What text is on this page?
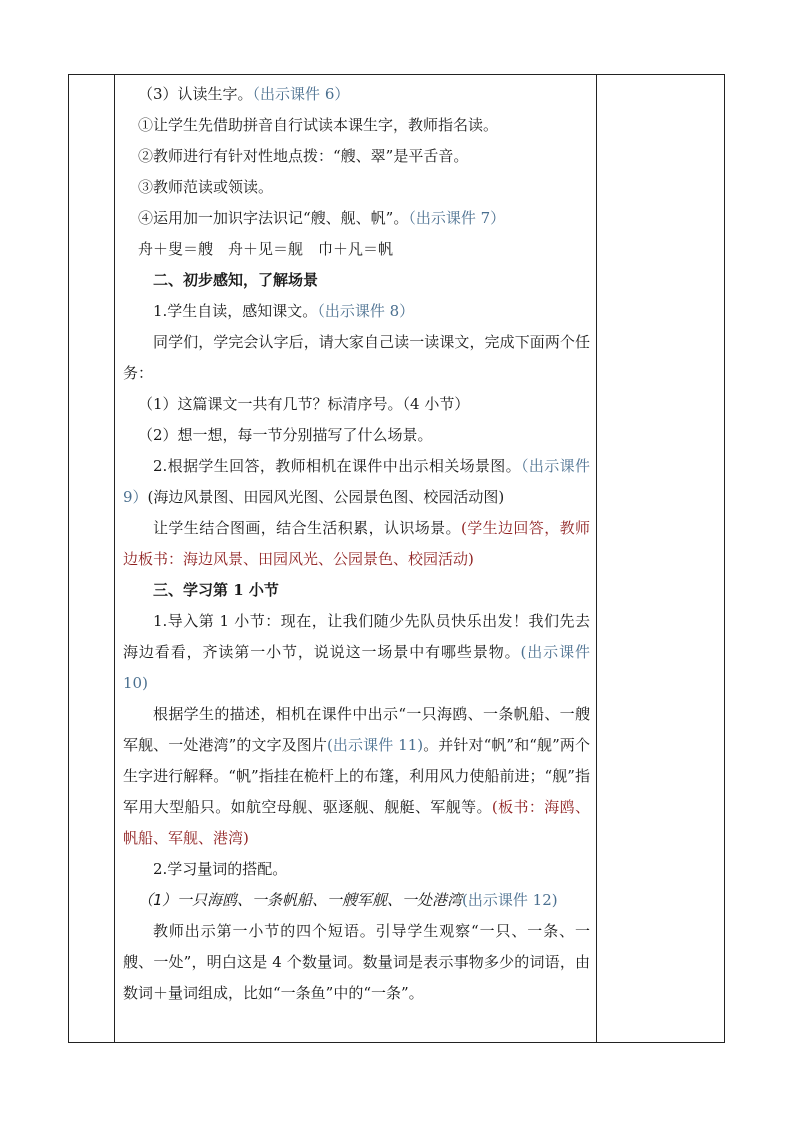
（3）认读生字。（出示课件 6）

①让学生先借助拼音自行试读本课生字，教师指名读。

②教师进行有针对性地点拨：“艘、翠”是平舌音。

③教师范读或领读。

④运用加一加识字法识记“艘、舰、帆”。（出示课件 7）

舟＋叟＝艘　舟＋见＝舰　巾＋凡＝帆

二、初步感知，了解场景

1.学生自读，感知课文。（出示课件 8）

同学们，学完会认字后，请大家自己读一读课文，完成下面两个任务：

（1）这篇课文一共有几节？标清序号。（4 小节）

（2）想一想，每一节分别描写了什么场景。

2.根据学生回答，教师相机在课件中出示相关场景图。（出示课件 9）(海边风景图、田园风光图、公园景色图、校园活动图)

让学生结合图画，结合生活积累，认识场景。(学生边回答，教师边板书：海边风景、田园风光、公园景色、校园活动)

三、学习第 1 小节

1.导入第 1 小节：现在，让我们随少先队员快乐出发！我们先去海边看看，齐读第一小节，说说这一场景中有哪些景物。(出示课件 10)

根据学生的描述，相机在课件中出示“一只海鸥、一条帆船、一艘军舰、一处港湾”的文字及图片(出示课件 11)。并针对“帆”和“舰”两个生字进行解释。“帆”指挂在桅杆上的布篷，利用风力使船前进；“舰”指军用大型船只。如航空母舰、驱逐舰、舰艇、军舰等。(板书：海鸥、帆船、军舰、港湾)

2.学习量词的搭配。

（1）一只海鸥、一条帆船、一艘军舰、一处港湾(出示课件 12)

教师出示第一小节的四个短语。引导学生观察“一只、一条、一艘、一处”，明白这是 4 个数量词。数量词是表示事物多少的词语，由数词＋量词组成，比如“一条鱼”中的“一条”。
